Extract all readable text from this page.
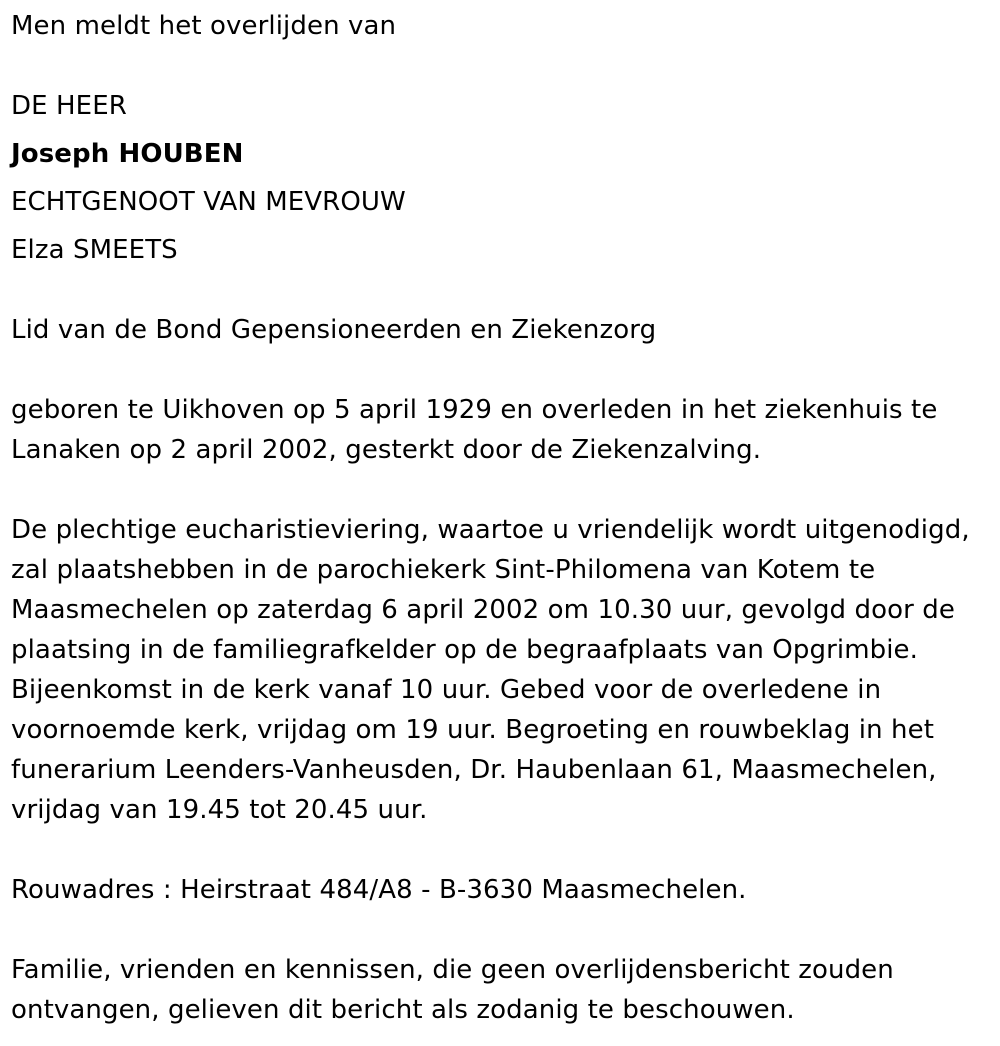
Men meldt het overlijden van
DE HEER
Joseph HOUBEN
ECHTGENOOT VAN MEVROUW
Elza SMEETS
Lid van de Bond Gepensioneerden en Ziekenzorg
geboren te Uikhoven op 5 april 1929 en overleden in het ziekenhuis te
Lanaken op 2 april 2002, gesterkt door de Ziekenzalving.
De plechtige eucharistieviering, waartoe u vriendelijk wordt uitgenodigd,
zal plaatshebben in de parochiekerk Sint-Philomena van Kotem te
Maasmechelen op zaterdag 6 april 2002 om 10.30 uur, gevolgd door de
plaatsing in de familiegrafkelder op de begraafplaats van Opgrimbie.
Bijeenkomst in de kerk vanaf 10 uur. Gebed voor de overledene in
voornoemde kerk, vrijdag om 19 uur. Begroeting en rouwbeklag in het
funerarium Leenders-Vanheusden, Dr. Haubenlaan 61, Maasmechelen,
vrijdag van 19.45 tot 20.45 uur.
Rouwadres : Heirstraat 484/A8 - B-3630 Maasmechelen.
Familie, vrienden en kennissen, die geen overlijdensbericht zouden
ontvangen, gelieven dit bericht als zodanig te beschouwen.
